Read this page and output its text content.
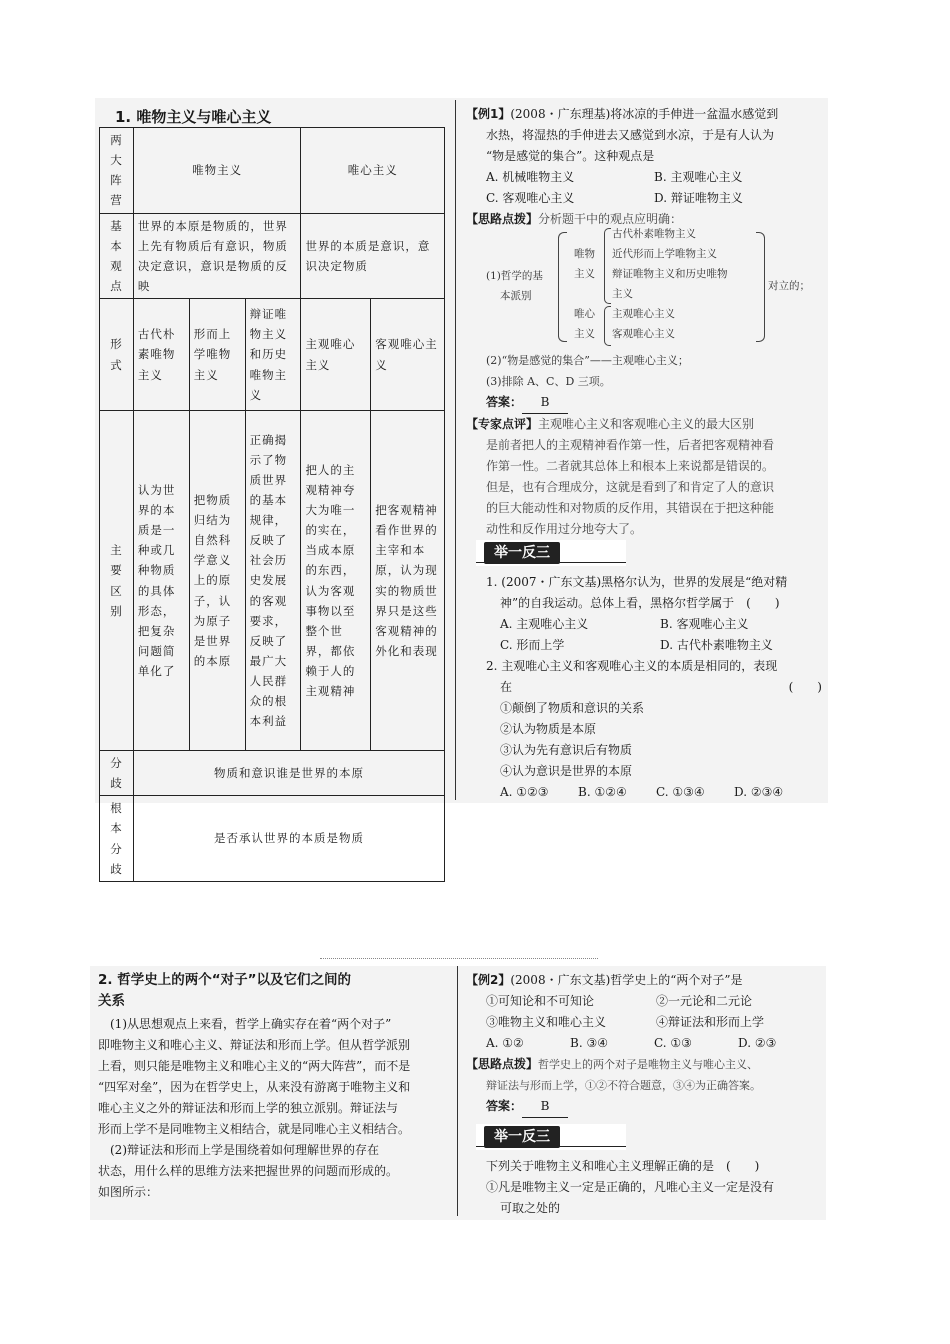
1. 唯物主义与唯心主义
两大阵营	唯物主义			唯心主义	
基本观点	世界的本原是物质的，世界上先有物质后有意识，物质决定意识，意识是物质的反映			世界的本质是意识，意识决定物质	
形式	古代朴素唯物主义	形而上学唯物主义	辩证唯物主义和历史唯物主义	主观唯心主义	客观唯心主义
主要区别	认为世界的本质是一种或几种物质的具体形态，把复杂问题简单化了	把物质归结为自然科学意义上的原子，认为原子是世界的本原	正确揭示了物质世界的基本规律，反映了社会历史发展的客观要求，反映了最广大人民群众的根本利益	把人的主观精神夸大为唯一的实在，当成本原的东西，认为客观事物以至整个世界，都依赖于人的主观精神	把客观精神看作世界的主宰和本原，认为现实的物质世界只是这些客观精神的外化和表现
分歧	物质和意识谁是世界的本原				
根本分歧	是否承认世界的本质是物质				
【例1】(2008・广东理基)将冰凉的手伸进一盆温水感觉到
水热，将湿热的手伸进去又感觉到水凉，于是有人认为
“物是感觉的集合”。这种观点是
A. 机械唯物主义	B. 主观唯心主义
C. 客观唯心主义	D. 辩证唯物主义
【思路点拨】分析题干中的观点应明确：
(1)哲学的基
本派别
唯物
主义
唯心
主义
古代朴素唯物主义
近代形而上学唯物主义
辩证唯物主义和历史唯物
主义
主观唯心主义
客观唯心主义
对立的；
(2)“物是感觉的集合”——主观唯心主义；
(3)排除 A、C、D 三项。
答案： B
【专家点评】主观唯心主义和客观唯心主义的最大区别
是前者把人的主观精神看作第一性，后者把客观精神看
作第一性。二者就其总体上和根本上来说都是错误的。
但是，也有合理成分，这就是看到了和肯定了人的意识
的巨大能动性和对物质的反作用，其错误在于把这种能
动性和反作用过分地夸大了。
举一反三
1. (2007・广东文基)黑格尔认为，世界的发展是“绝对精
神”的自我运动。总体上看，黑格尔哲学属于　(　　)
A. 主观唯心主义	B. 客观唯心主义
C. 形而上学	D. 古代朴素唯物主义
2. 主观唯心主义和客观唯心主义的本质是相同的，表现
在	(　　)
①颠倒了物质和意识的关系
②认为物质是本原
③认为先有意识后有物质
④认为意识是世界的本原
A. ①②③	B. ①②④	C. ①③④	D. ②③④
2. 哲学史上的两个“对子”以及它们之间的
关系
　(1)从思想观点上来看，哲学上确实存在着“两个对子”
即唯物主义和唯心主义、辩证法和形而上学。但从哲学派别
上看，则只能是唯物主义和唯心主义的“两大阵营”，而不是
“四军对垒”，因为在哲学史上，从来没有游离于唯物主义和
唯心主义之外的辩证法和形而上学的独立派别。辩证法与
形而上学不是同唯物主义相结合，就是同唯心主义相结合。
　(2)辩证法和形而上学是围绕着如何理解世界的存在
状态，用什么样的思维方法来把握世界的问题而形成的。
如图所示：
【例2】(2008・广东文基)哲学史上的“两个对子”是
①可知论和不可知论	②一元论和二元论
③唯物主义和唯心主义	④辩证法和形而上学
A. ①②	B. ③④	C. ①③	D. ②③
【思路点拨】哲学史上的两个对子是唯物主义与唯心主义、
辩证法与形而上学，①②不符合题意，③④为正确答案。
答案： B
举一反三
下列关于唯物主义和唯心主义理解正确的是　(　　)
①凡是唯物主义一定是正确的，凡唯心主义一定是没有
可取之处的
